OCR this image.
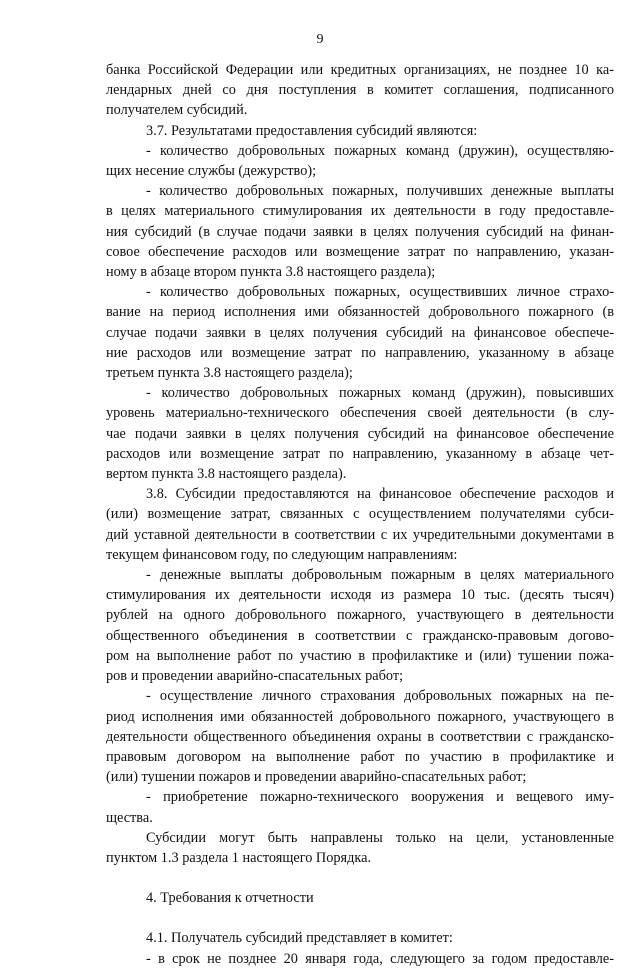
9

банка Российской Федерации или кредитных организациях, не позднее 10 ка-
лендарных дней со дня поступления в комитет соглашения, подписанного
получателем субсидий.

3.7. Результатами предоставления субсидий являются:

- количество добровольных пожарных команд (дружин), осуществляю-
щих несение службы (дежурство);

- количество добровольных пожарных, получивших денежные выплаты
в целях материального стимулирования их деятельности в году предоставле-
ния субсидий (в случае подачи заявки в целях получения субсидий на финан-
совое обеспечение расходов или возмещение затрат по направлению, указан-
ному в абзаце втором пункта 3.8 настоящего раздела);

- количество добровольных пожарных, осуществивших личное страхо-
вание на период исполнения ими обязанностей добровольного пожарного (в
случае подачи заявки в целях получения субсидий на финансовое обеспече-
ние расходов или возмещение затрат по направлению, указанному в абзаце
третьем пункта 3.8 настоящего раздела);

- количество добровольных пожарных команд (дружин), повысивших
уровень материально-технического обеспечения своей деятельности (в слу-
чае подачи заявки в целях получения субсидий на финансовое обеспечение
расходов или возмещение затрат по направлению, указанному в абзаце чет-
вертом пункта 3.8 настоящего раздела).

3.8. Субсидии предоставляются на финансовое обеспечение расходов и
(или) возмещение затрат, связанных с осуществлением получателями субси-
дий уставной деятельности в соответствии с их учредительными документами в
текущем финансовом году, по следующим направлениям:

- денежные выплаты добровольным пожарным в целях материального
стимулирования их деятельности исходя из размера 10 тыс. (десять тысяч)
рублей на одного добровольного пожарного, участвующего в деятельности
общественного объединения в соответствии с гражданско-правовым догово-
ром на выполнение работ по участию в профилактике и (или) тушении пожа-
ров и проведении аварийно-спасательных работ;

- осуществление личного страхования добровольных пожарных на пе-
риод исполнения ими обязанностей добровольного пожарного, участвующего в
деятельности общественного объединения охраны в соответствии с гражданско-
правовым договором на выполнение работ по участию в профилактике и
(или) тушении пожаров и проведении аварийно-спасательных работ;

- приобретение пожарно-технического вооружения и вещевого иму-
щества.

Субсидии могут быть направлены только на цели, установленные
пунктом 1.3 раздела 1 настоящего Порядка.

4. Требования к отчетности

4.1. Получатель субсидий представляет в комитет:

- в срок не позднее 20 января года, следующего за годом предоставле-
